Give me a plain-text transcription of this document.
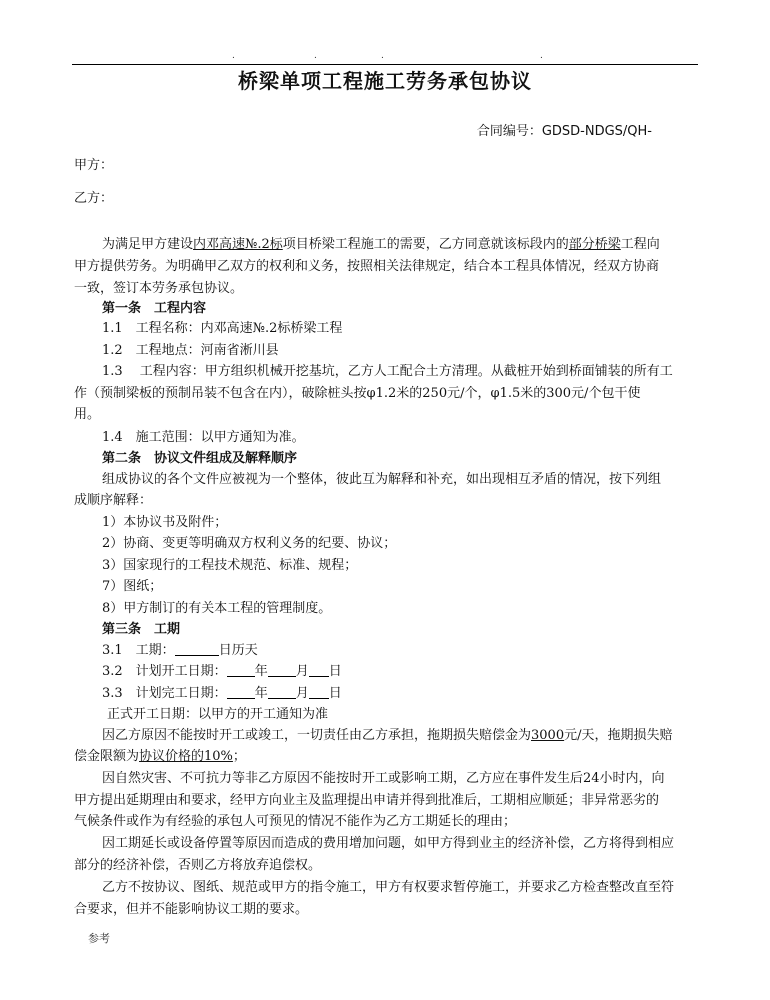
.	.	.	.
桥梁单项工程施工劳务承包协议
合同编号：GDSD-NDGS/QH-
甲方：
乙方：
为满足甲方建设内邓高速№.2标项目桥梁工程施工的需要，乙方同意就该标段内的部分桥梁工程向
甲方提供劳务。为明确甲乙双方的权利和义务，按照相关法律规定，结合本工程具体情况，经双方协商
一致，签订本劳务承包协议。
第一条　工程内容
1.1　工程名称：内邓高速№.2标桥梁工程
1.2　工程地点：河南省淅川县
1.3　 工程内容：甲方组织机械开挖基坑，乙方人工配合土方清理。从截桩开始到桥面铺装的所有工
作（预制梁板的预制吊装不包含在内），破除桩头按φ1.2米的250元/个，φ1.5米的300元/个包干使
用。
1.4　施工范围：以甲方通知为准。
第二条　协议文件组成及解释顺序
组成协议的各个文件应被视为一个整体，彼此互为解释和补充，如出现相互矛盾的情况，按下列组
成顺序解释：
1）本协议书及附件；
2）协商、变更等明确双方权利义务的纪要、协议；
3）国家现行的工程技术规范、标准、规程；
7）图纸；
8）甲方制订的有关本工程的管理制度。
第三条　工期
3.1　工期：	日历天
3.2　计划开工日期： 年 月 日
3.3　计划完工日期： 年 月 日
正式开工日期：以甲方的开工通知为准
因乙方原因不能按时开工或竣工，一切责任由乙方承担，拖期损失赔偿金为3000元/天，拖期损失赔
偿金限额为协议价格的10%；
因自然灾害、不可抗力等非乙方原因不能按时开工或影响工期，乙方应在事件发生后24小时内，向
甲方提出延期理由和要求，经甲方向业主及监理提出申请并得到批准后，工期相应顺延；非异常恶劣的
气候条件或作为有经验的承包人可预见的情况不能作为乙方工期延长的理由；
因工期延长或设备停置等原因而造成的费用增加问题，如甲方得到业主的经济补偿，乙方将得到相应
部分的经济补偿，否则乙方将放弃追偿权。
乙方不按协议、图纸、规范或甲方的指令施工，甲方有权要求暂停施工，并要求乙方检查整改直至符
合要求，但并不能影响协议工期的要求。
参考
